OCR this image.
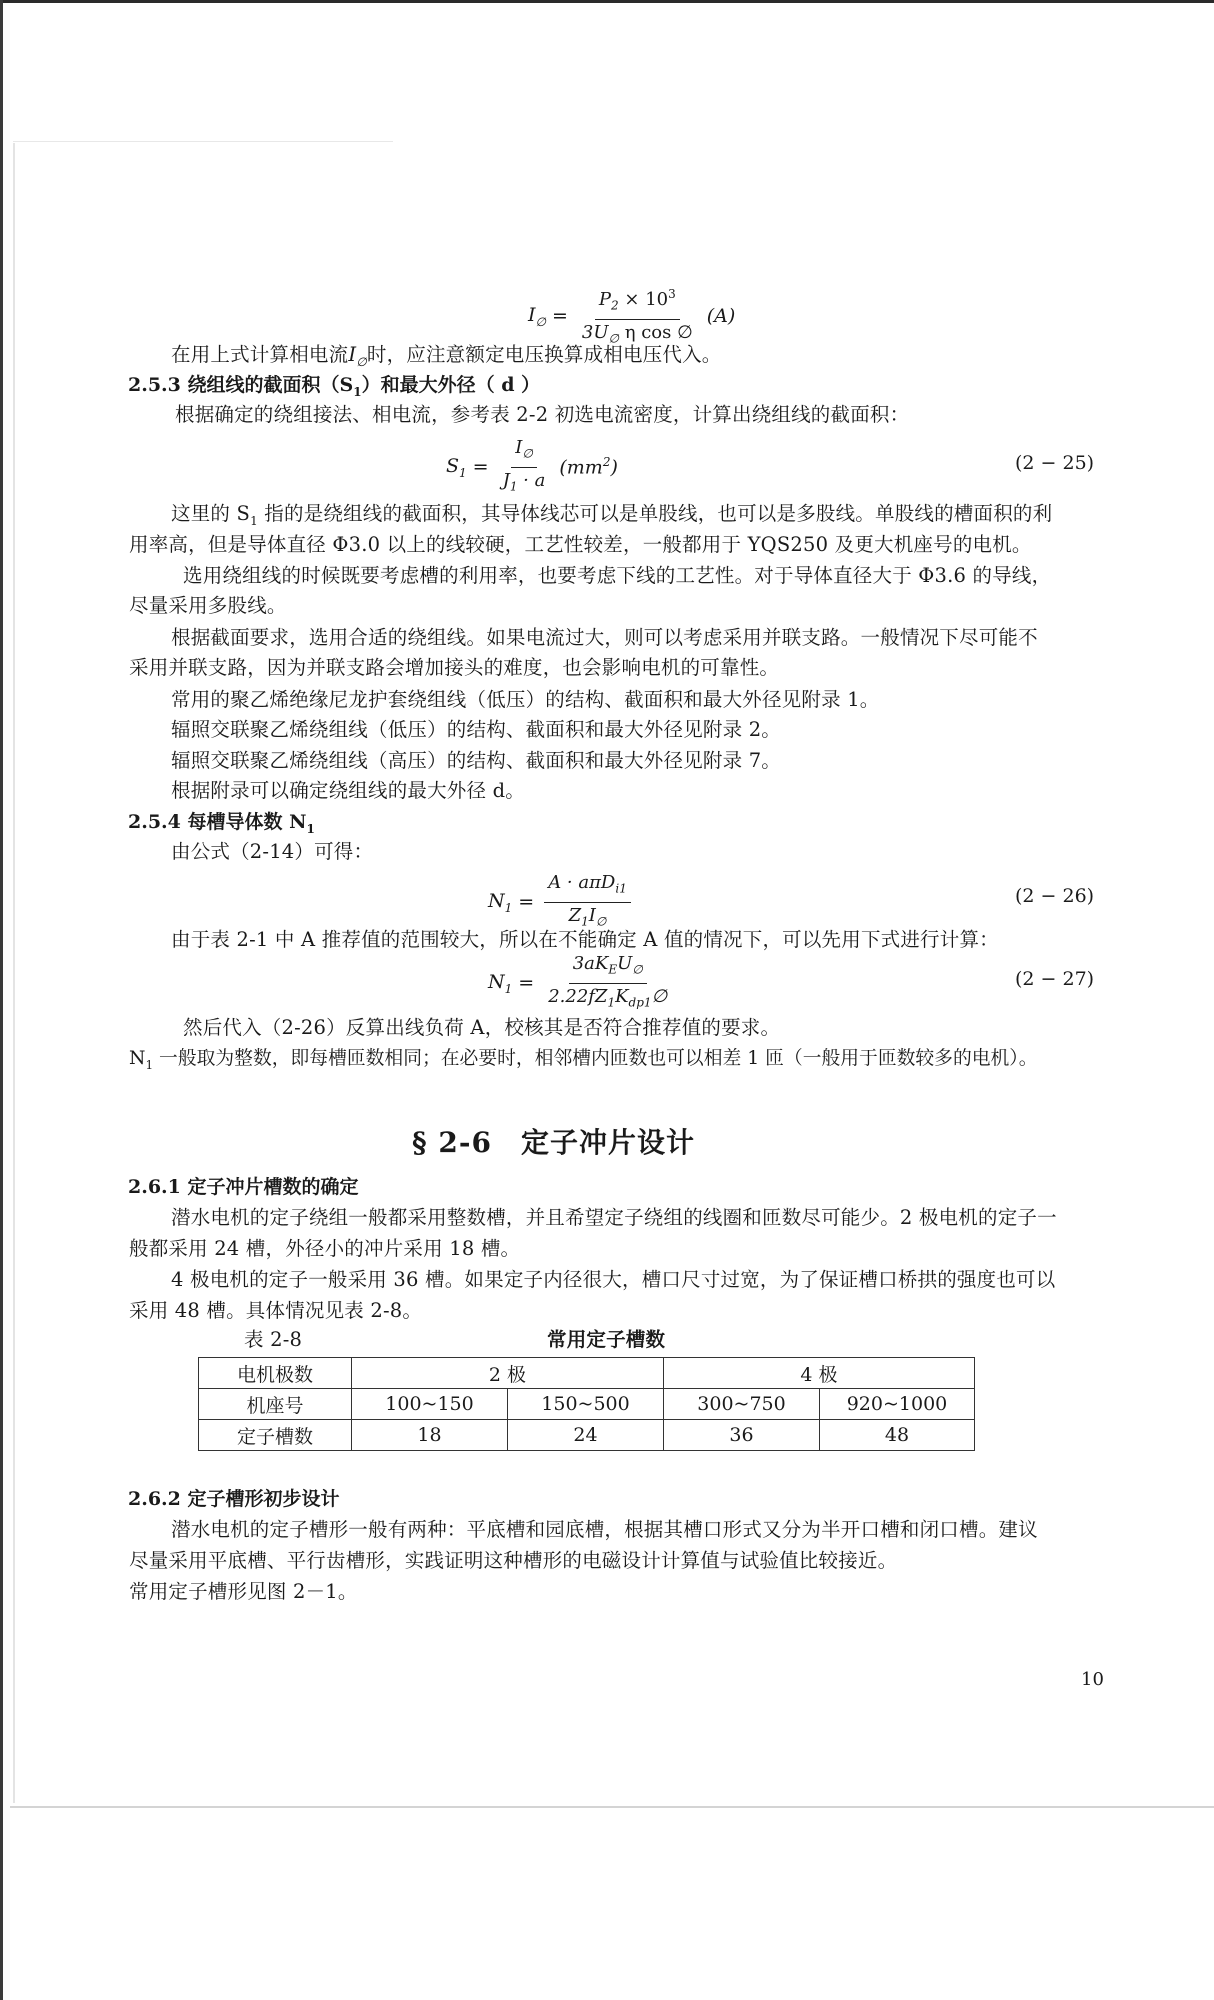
$I_\emptyset = \frac{P_2 \times 10^3}{3U_\emptyset \eta \cos \emptyset} (A)$
在用上式计算相电流$I_\emptyset$时，应注意额定电压换算成相电压代入。
2.5.3 绕组线的截面积$(S_1)$和最大外径（ d ）
根据确定的绕组接法、相电流，参考表 2-2 初选电流密度，计算出绕组线的截面积：
$S_1 = \frac{I_\emptyset}{J_1 \cdot a} (mm^2)$	(2 − 25)
这里的 $S_1$ 指的是绕组线的截面积，其导体线芯可以是单股线，也可以是多股线。单股线的槽面积的利
用率高，但是导体直径 Φ3.0 以上的线较硬，工艺性较差，一般都用于 YQS250 及更大机座号的电机。
选用绕组线的时候既要考虑槽的利用率，也要考虑下线的工艺性。对于导体直径大于 Φ3.6 的导线，
尽量采用多股线。
根据截面要求，选用合适的绕组线。如果电流过大，则可以考虑采用并联支路。一般情况下尽可能不
采用并联支路，因为并联支路会增加接头的难度，也会影响电机的可靠性。
常用的聚乙烯绝缘尼龙护套绕组线（低压）的结构、截面积和最大外径见附录 1。
辐照交联聚乙烯绕组线（低压）的结构、截面积和最大外径见附录 2。
辐照交联聚乙烯绕组线（高压）的结构、截面积和最大外径见附录 7。
根据附录可以确定绕组线的最大外径 d。
2.5.4 每槽导体数 $N_1$
由公式（2-14）可得：
$N_1 = \frac{A \cdot a\pi D_{i1}}{Z_1I_\emptyset}$	(2 − 26)
由于表 2-1 中 A 推荐值的范围较大，所以在不能确定 A 值的情况下，可以先用下式进行计算：
$N_1 = \frac{3aK_EU_\emptyset}{2.22fZ_1K_{dp1}\emptyset}$	(2 − 27)
然后代入（2-26）反算出线负荷 A，校核其是否符合推荐值的要求。
$N_1$ 一般取为整数，即每槽匝数相同；在必要时，相邻槽内匝数也可以相差 1 匝（一般用于匝数较多的电机）。
§ 2-6　定子冲片设计
2.6.1 定子冲片槽数的确定
潜水电机的定子绕组一般都采用整数槽，并且希望定子绕组的线圈和匝数尽可能少。2 极电机的定子一
般都采用 24 槽，外径小的冲片采用 18 槽。
4 极电机的定子一般采用 36 槽。如果定子内径很大，槽口尺寸过宽，为了保证槽口桥拱的强度也可以
采用 48 槽。具体情况见表 2-8。
表 2-8	常用定子槽数
电机极数	2 极		4 极	
机座号	100~150	150~500	300~750	920~1000
定子槽数	18	24	36	48
2.6.2 定子槽形初步设计
潜水电机的定子槽形一般有两种：平底槽和园底槽，根据其槽口形式又分为半开口槽和闭口槽。建议
尽量采用平底槽、平行齿槽形，实践证明这种槽形的电磁设计计算值与试验值比较接近。
常用定子槽形见图 2－1。
10
